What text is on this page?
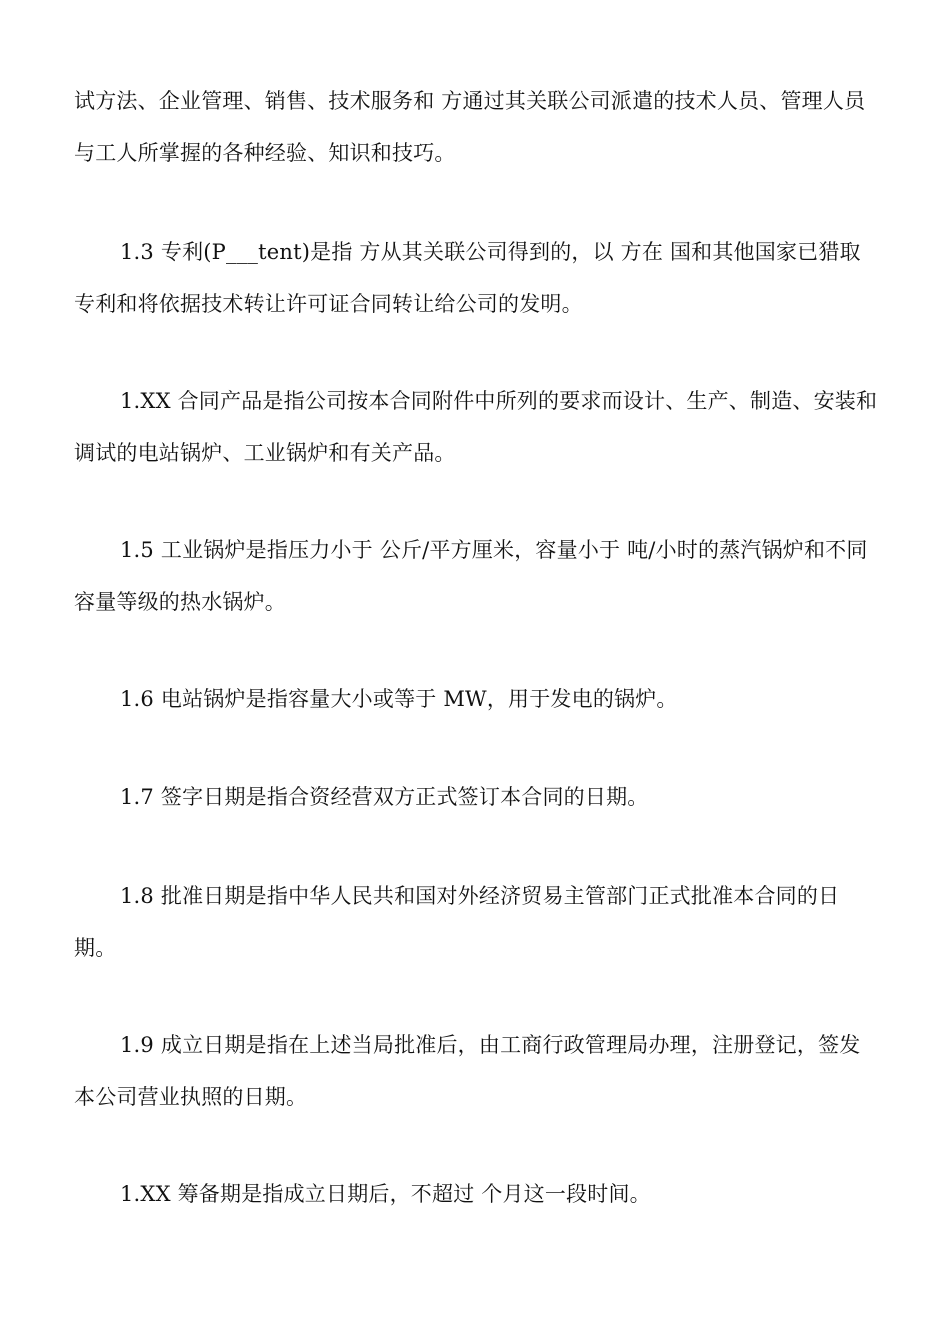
试方法、企业管理、销售、技术服务和 方通过其关联公司派遣的技术人员、管理人员与工人所掌握的各种经验、知识和技巧。

1.3 专利(P___tent)是指 方从其关联公司得到的，以 方在 国和其他国家已猎取专利和将依据技术转让许可证合同转让给公司的发明。

1.XX 合同产品是指公司按本合同附件中所列的要求而设计、生产、制造、安装和调试的电站锅炉、工业锅炉和有关产品。

1.5 工业锅炉是指压力小于 公斤/平方厘米，容量小于 吨/小时的蒸汽锅炉和不同容量等级的热水锅炉。

1.6 电站锅炉是指容量大小或等于 MW，用于发电的锅炉。

1.7 签字日期是指合资经营双方正式签订本合同的日期。

1.8 批准日期是指中华人民共和国对外经济贸易主管部门正式批准本合同的日期。

1.9 成立日期是指在上述当局批准后，由工商行政管理局办理，注册登记，签发本公司营业执照的日期。

1.XX 筹备期是指成立日期后，不超过 个月这一段时间。
